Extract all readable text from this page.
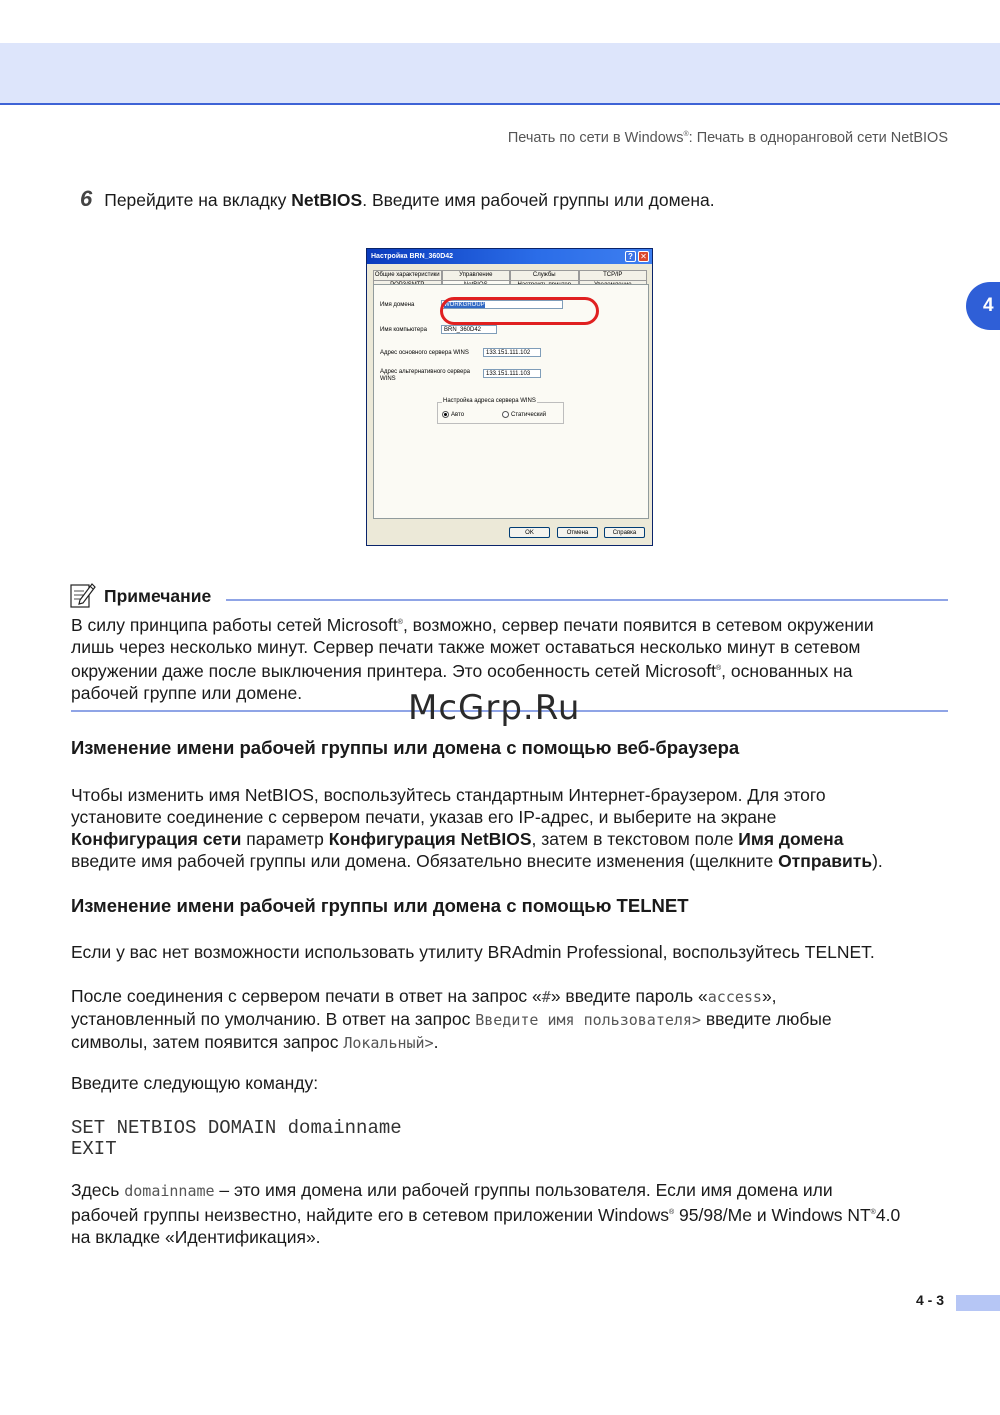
Печать по сети в Windows®: Печать в одноранговой сети NetBIOS
4
6 Перейдите на вкладку NetBIOS. Введите имя рабочей группы или домена.
Настройка BRN_360D42	? ✕
Общие характеристики	Управление	Службы	TCP/IP
Имя домена	WORKGROUP
Имя компьютера	BRN_360D42
Адрес основного сервера WINS	133.151.111.102
Адрес альтернативного сервера
WINS
133.151.111.103
Настройка адреса сервера WINS
Авто	Статический
OK	Отмена	Справка
Примечание
В силу принципа работы сетей Microsoft®, возможно, сервер печати появится в сетевом окружении
лишь через несколько минут. Сервер печати также может оставаться несколько минут в сетевом
окружении даже после выключения принтера. Это особенность сетей Microsoft®, основанных на
рабочей группе или домене.	McGrp.Ru
Изменение имени рабочей группы или домена с помощью веб-браузера
Чтобы изменить имя NetBIOS, воспользуйтесь стандартным Интернет-браузером. Для этого
установите соединение с сервером печати, указав его IP-адрес, и выберите на экране
Конфигурация сети параметр Конфигурация NetBIOS, затем в текстовом поле Имя домена
введите имя рабочей группы или домена. Обязательно внесите изменения (щелкните Отправить).
Изменение имени рабочей группы или домена с помощью TELNET
Если у вас нет возможности использовать утилиту BRAdmin Professional, воспользуйтесь TELNET.
После соединения с сервером печати в ответ на запрос «#» введите пароль «access»,
установленный по умолчанию. В ответ на запрос Введите имя пользователя> введите любые
символы, затем появится запрос Локальный>.
Введите следующую команду:
SET NETBIOS DOMAIN domainname
EXIT
Здесь domainname – это имя домена или рабочей группы пользователя. Если имя домена или
рабочей группы неизвестно, найдите его в сетевом приложении Windows® 95/98/Me и Windows NT®4.0
на вкладке «Идентификация».
4 - 3
